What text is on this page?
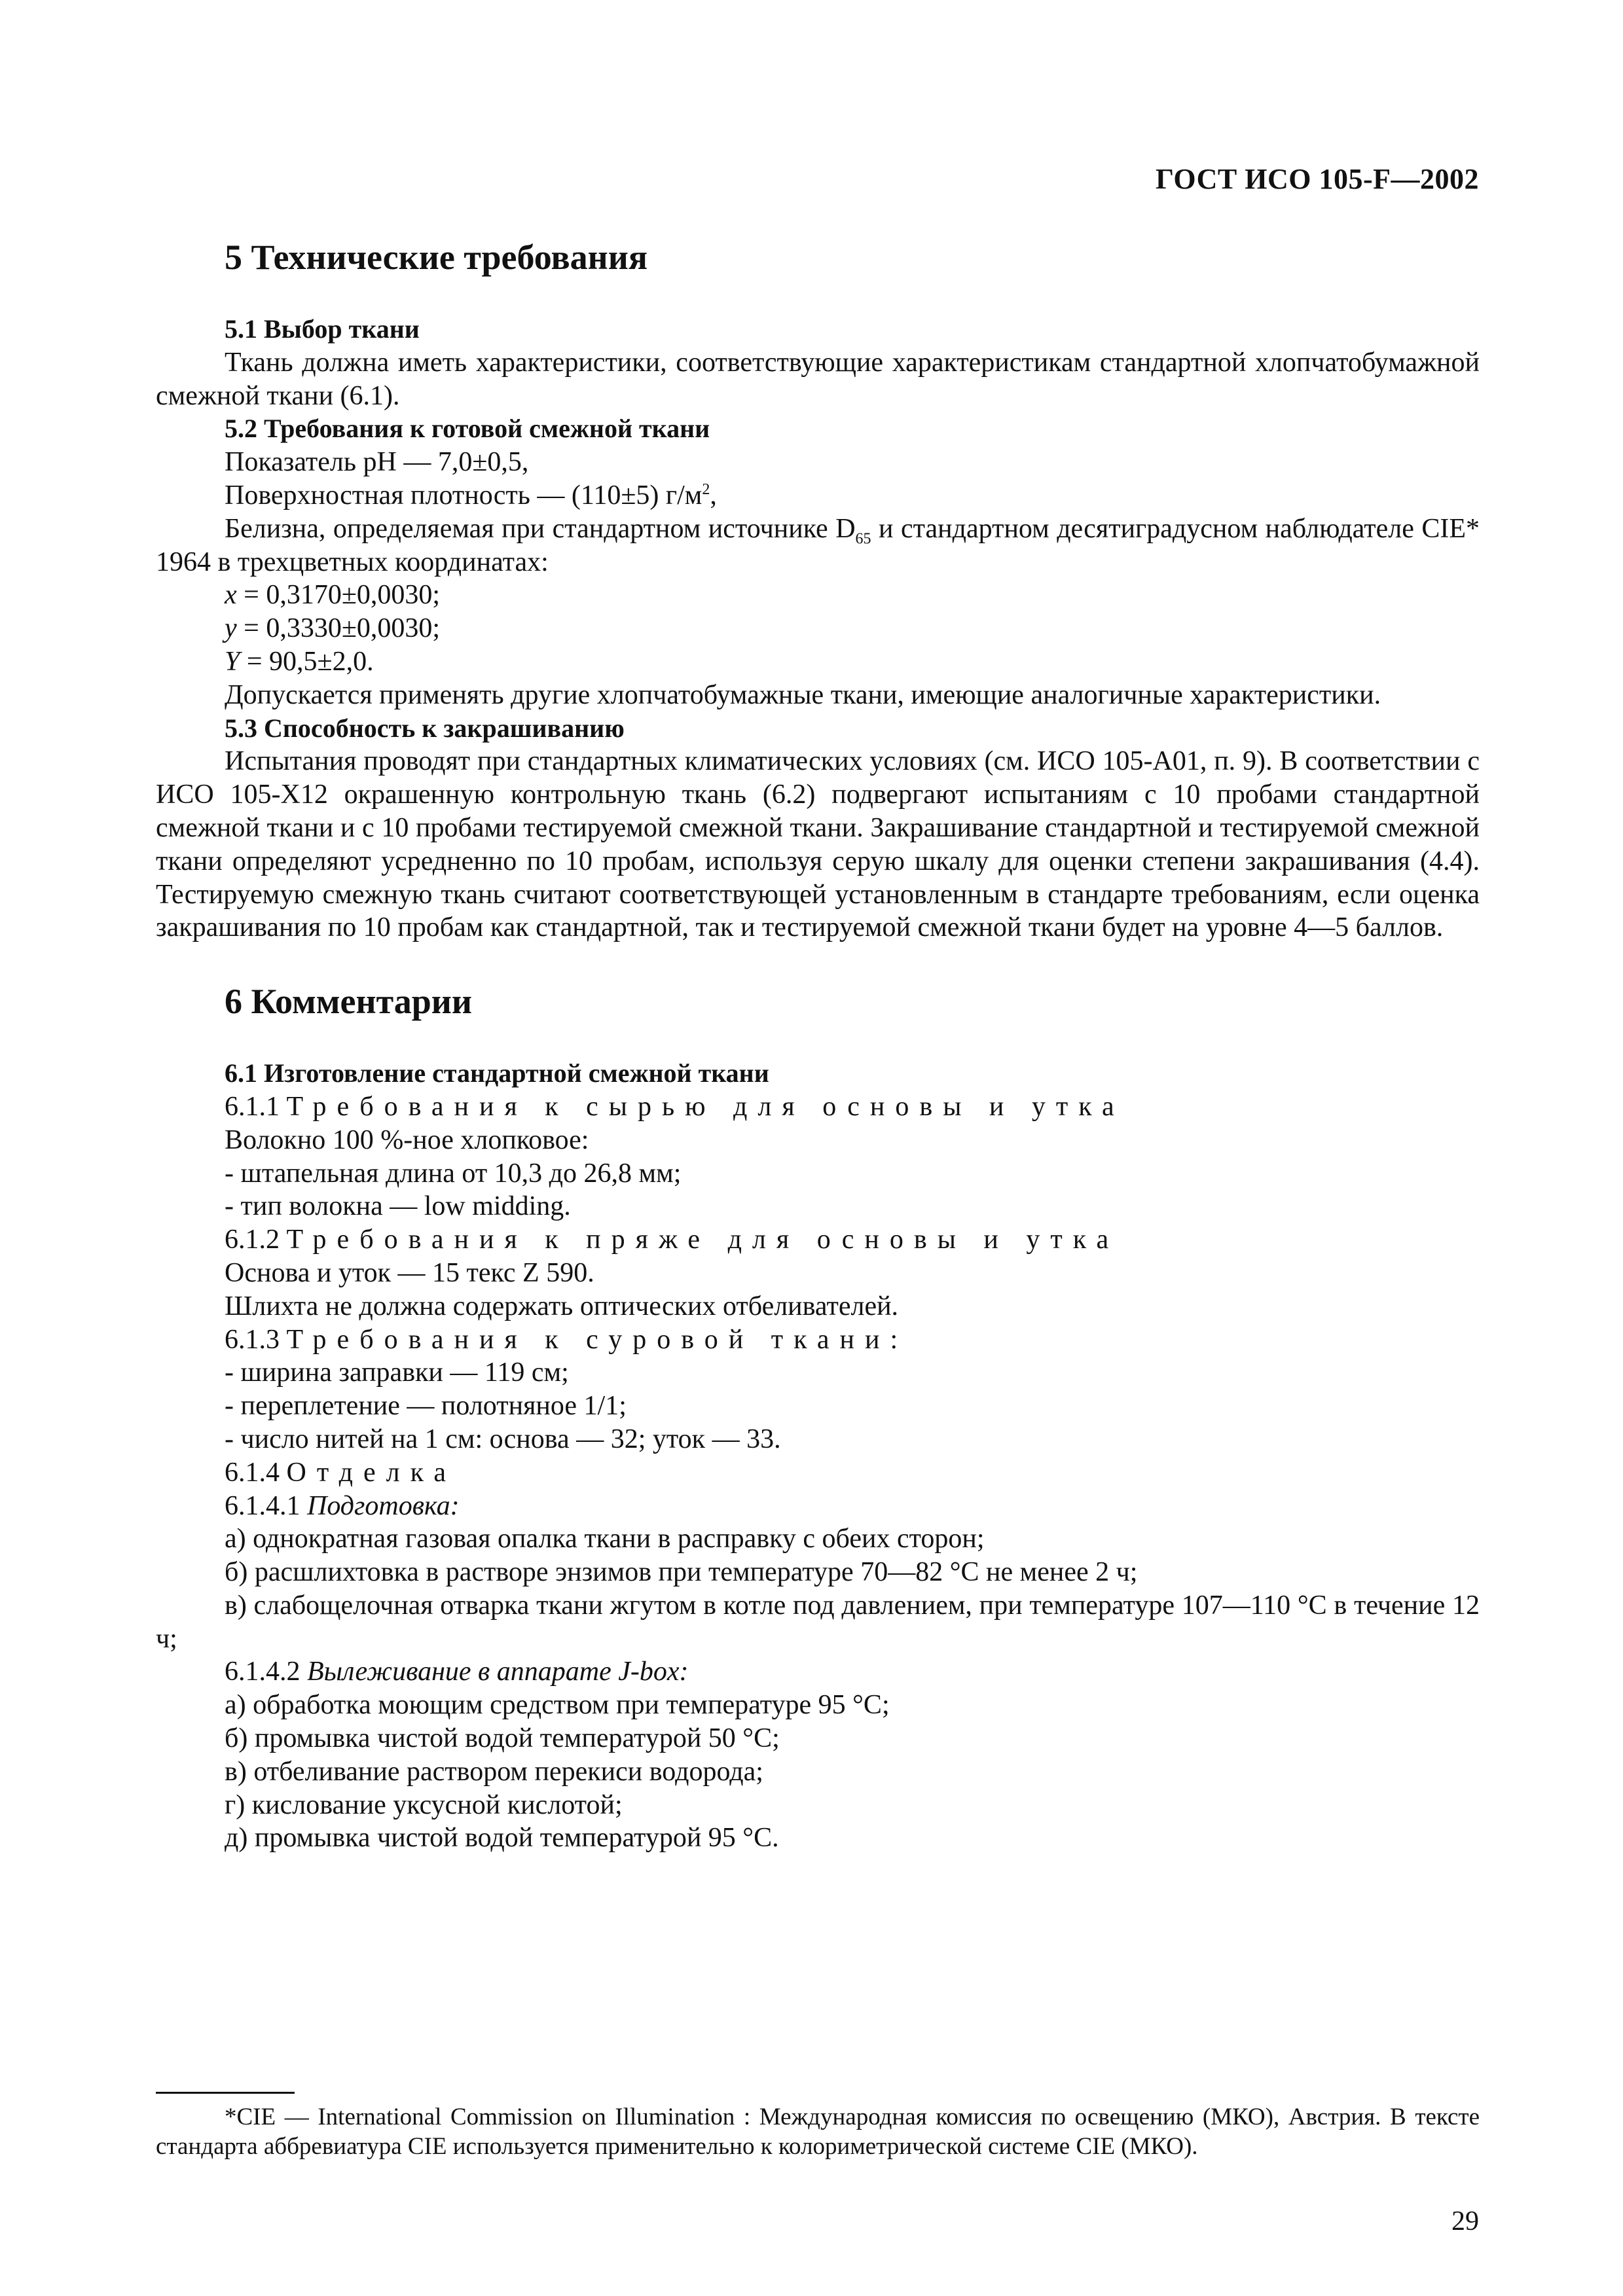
ГОСТ ИСО 105-F—2002
5 Технические требования
5.1 Выбор ткани
Ткань должна иметь характеристики, соответствующие характеристикам стандартной хлопчатобумажной смежной ткани (6.1).
5.2 Требования к готовой смежной ткани
Показатель рН — 7,0±0,5,
Поверхностная плотность — (110±5) $г/м^2$,
Белизна, определяемая при стандартном источнике $D_{65}$ и стандартном десятиградусном наблюдателе CIE* 1964 в трехцветных координатах:
x = 0,3170±0,0030;
y = 0,3330±0,0030;
Y = 90,5±2,0.
Допускается применять другие хлопчатобумажные ткани, имеющие аналогичные характеристики.
5.3 Способность к закрашиванию
Испытания проводят при стандартных климатических условиях (см. ИСО 105-А01, п. 9). В соответствии с ИСО 105-Х12 окрашенную контрольную ткань (6.2) подвергают испытаниям с 10 пробами стандартной смежной ткани и с 10 пробами тестируемой смежной ткани. Закрашивание стандартной и тестируемой смежной ткани определяют усредненно по 10 пробам, используя серую шкалу для оценки степени закрашивания (4.4). Тестируемую смежную ткань считают соответствующей установленным в стандарте требованиям, если оценка закрашивания по 10 пробам как стандартной, так и тестируемой смежной ткани будет на уровне 4—5 баллов.
6 Комментарии
6.1 Изготовление стандартной смежной ткани
6.1.1 Требования к сырью для основы и утка
Волокно 100 %-ное хлопковое:
- штапельная длина от 10,3 до 26,8 мм;
- тип волокна — low midding.
6.1.2 Требования к пряже для основы и утка
Основа и уток — 15 текс Z 590.
Шлихта не должна содержать оптических отбеливателей.
6.1.3 Требования к суровой ткани:
- ширина заправки — 119 см;
- переплетение — полотняное 1/1;
- число нитей на 1 см: основа — 32; уток — 33.
6.1.4 Отделка
6.1.4.1 Подготовка:
а) однократная газовая опалка ткани в расправку с обеих сторон;
б) расшлихтовка в растворе энзимов при температуре 70—82 °С не менее 2 ч;
в) слабощелочная отварка ткани жгутом в котле под давлением, при температуре 107—110 °С в течение 12 ч;
6.1.4.2 Вылеживание в аппарате J-box:
а) обработка моющим средством при температуре 95 °С;
б) промывка чистой водой температурой 50 °С;
в) отбеливание раствором перекиси водорода;
г) кислование уксусной кислотой;
д) промывка чистой водой температурой 95 °С.
*CIE — International Commission on Illumination : Международная комиссия по освещению (МКО), Австрия. В тексте стандарта аббревиатура CIE используется применительно к колориметрической системе CIE (МКО).
29
